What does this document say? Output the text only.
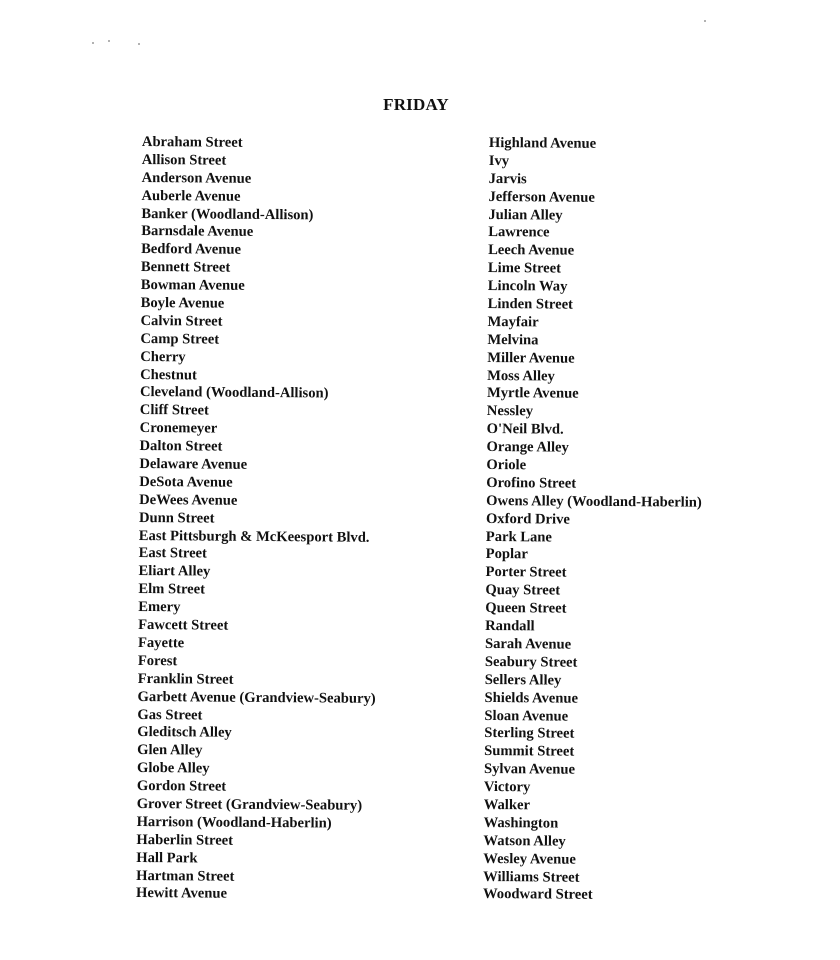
FRIDAY
Abraham Street
Allison Street
Anderson Avenue
Auberle Avenue
Banker (Woodland-Allison)
Barnsdale Avenue
Bedford Avenue
Bennett Street
Bowman Avenue
Boyle Avenue
Calvin Street
Camp Street
Cherry
Chestnut
Cleveland (Woodland-Allison)
Cliff Street
Cronemeyer
Dalton Street
Delaware Avenue
DeSota Avenue
DeWees Avenue
Dunn Street
East Pittsburgh & McKeesport Blvd.
East Street
Eliart Alley
Elm Street
Emery
Fawcett Street
Fayette
Forest
Franklin Street
Garbett Avenue (Grandview-Seabury)
Gas Street
Gleditsch Alley
Glen Alley
Globe Alley
Gordon Street
Grover Street (Grandview-Seabury)
Harrison (Woodland-Haberlin)
Haberlin Street
Hall Park
Hartman Street
Hewitt Avenue
Highland Avenue
Ivy
Jarvis
Jefferson Avenue
Julian Alley
Lawrence
Leech Avenue
Lime Street
Lincoln Way
Linden Street
Mayfair
Melvina
Miller Avenue
Moss Alley
Myrtle Avenue
Nessley
O'Neil Blvd.
Orange Alley
Oriole
Orofino Street
Owens Alley (Woodland-Haberlin)
Oxford Drive
Park Lane
Poplar
Porter Street
Quay Street
Queen Street
Randall
Sarah Avenue
Seabury Street
Sellers Alley
Shields Avenue
Sloan Avenue
Sterling Street
Summit Street
Sylvan Avenue
Victory
Walker
Washington
Watson Alley
Wesley Avenue
Williams Street
Woodward Street
